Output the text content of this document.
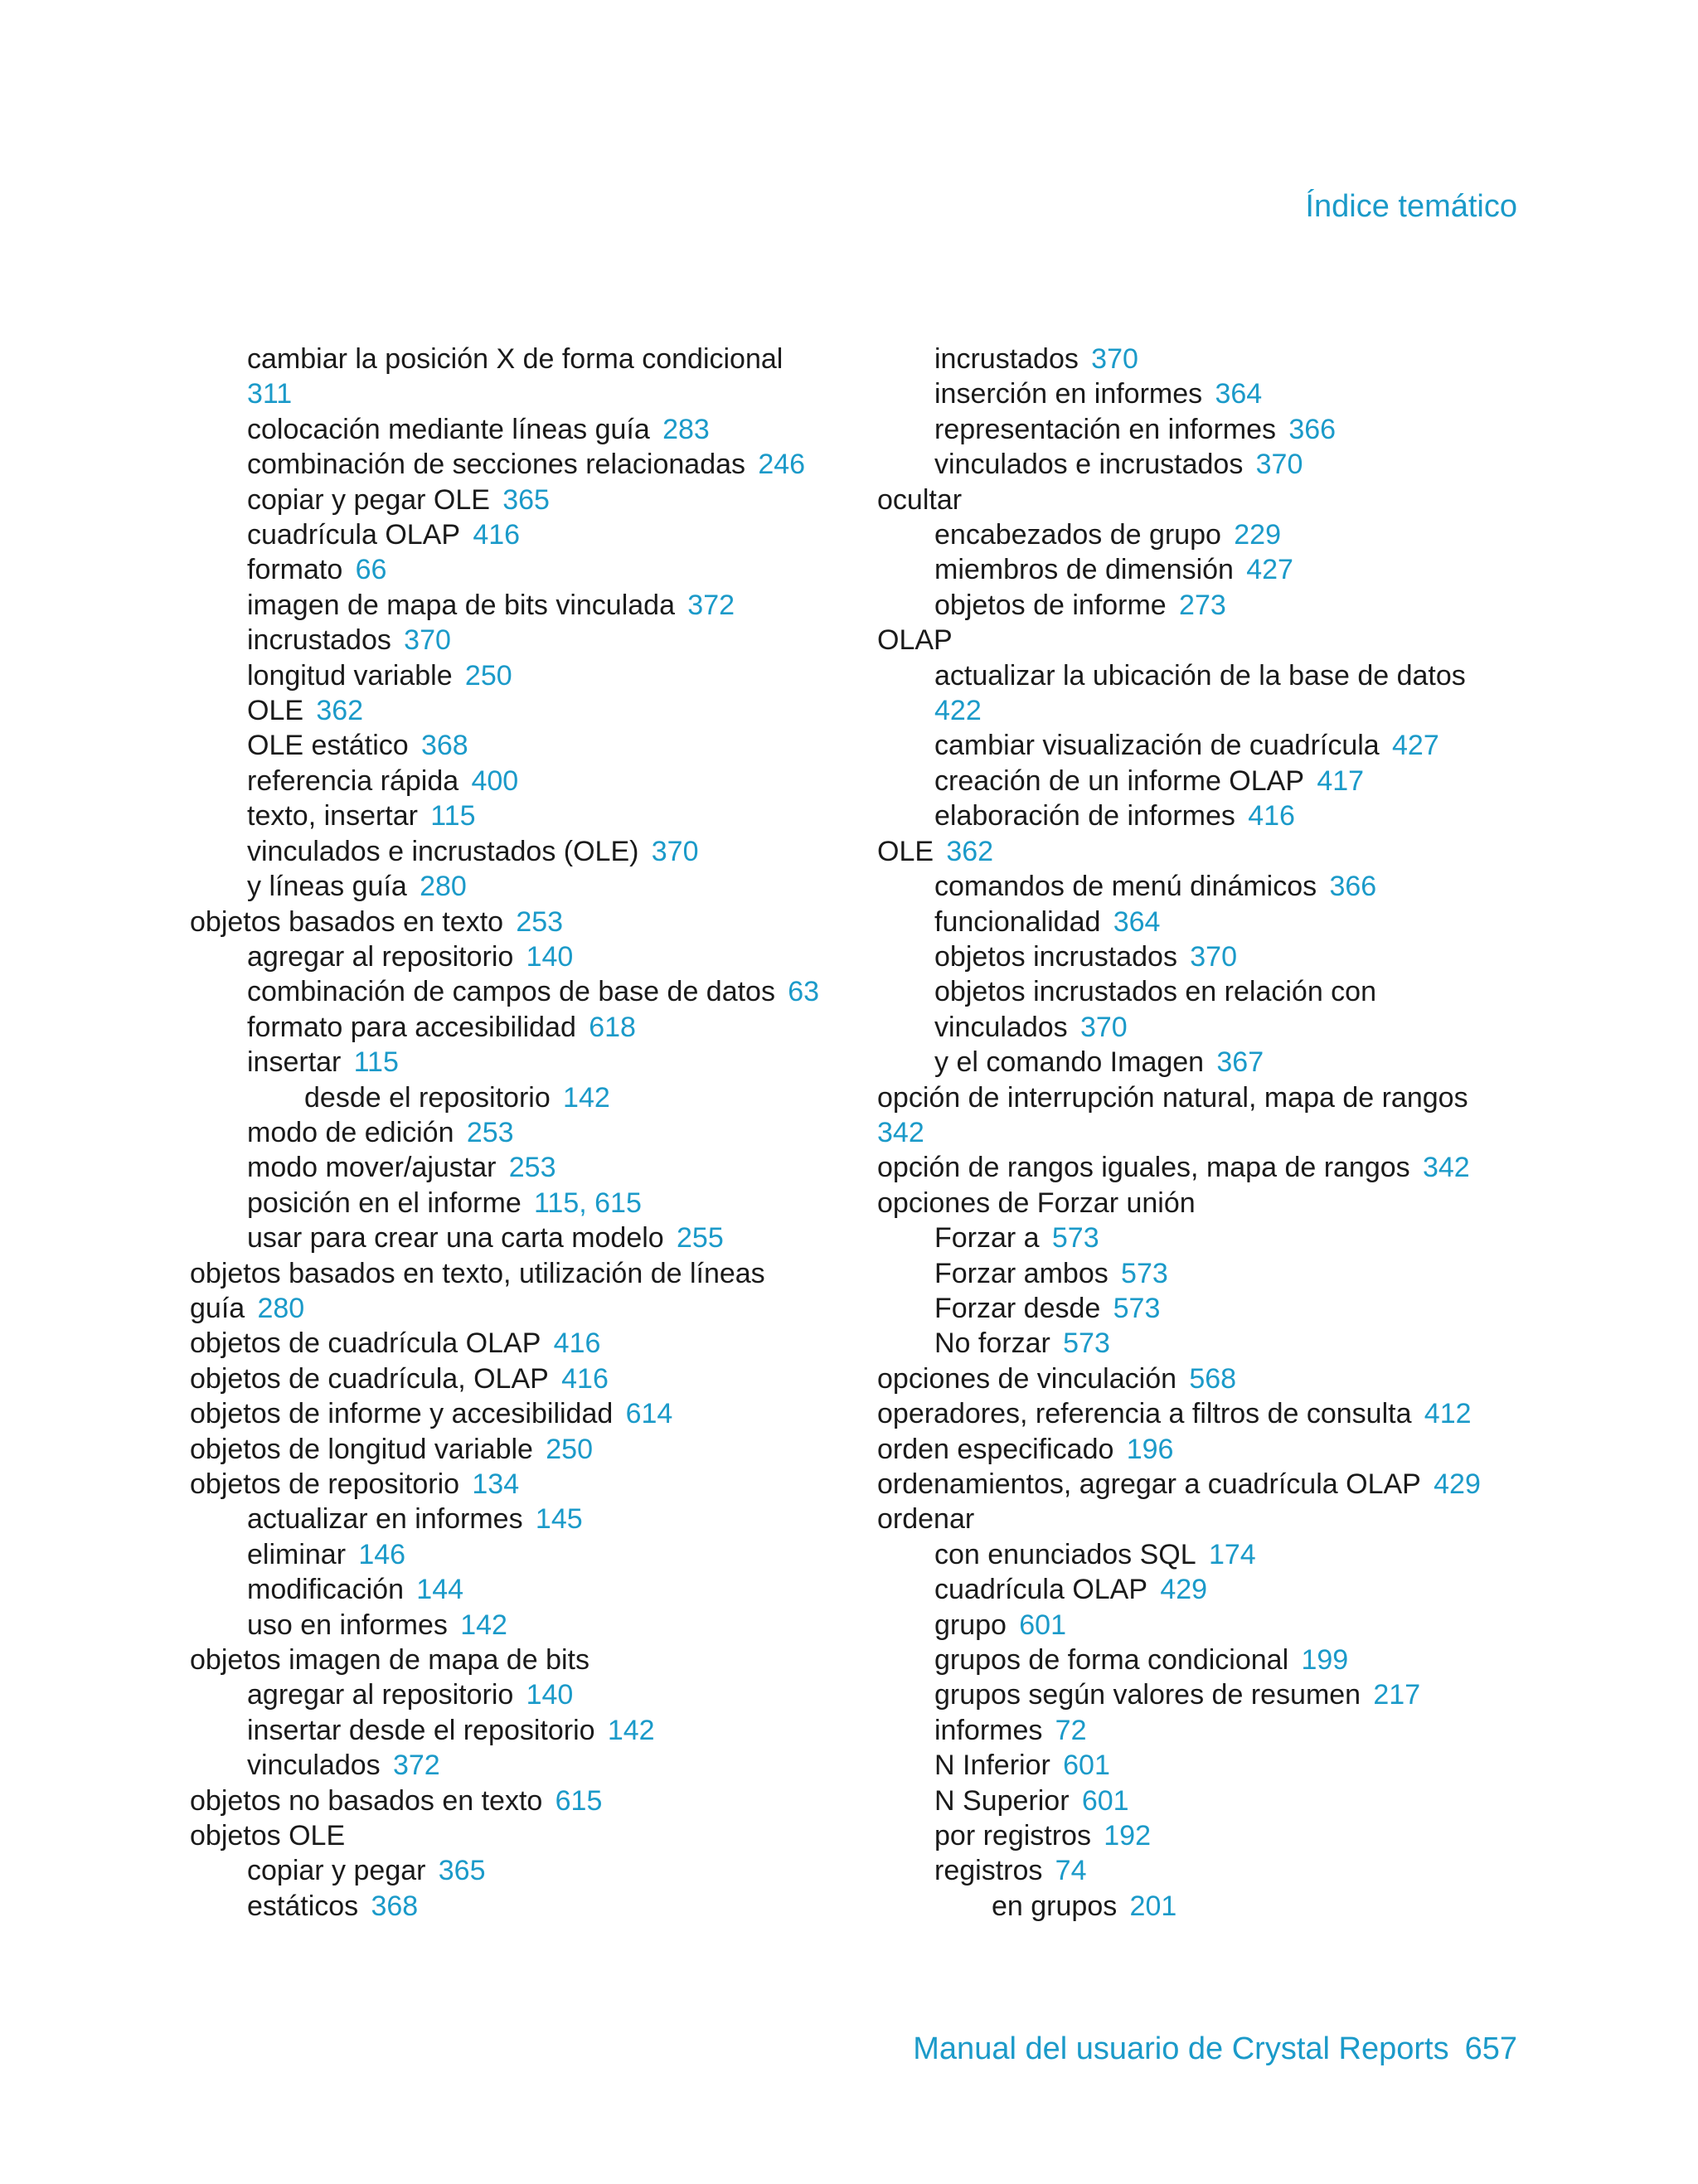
Índice temático
cambiar la posición X de forma condicional
311
colocación mediante líneas guía 283
combinación de secciones relacionadas 246
copiar y pegar OLE 365
cuadrícula OLAP 416
formato 66
imagen de mapa de bits vinculada 372
incrustados 370
longitud variable 250
OLE 362
OLE estático 368
referencia rápida 400
texto, insertar 115
vinculados e incrustados (OLE) 370
y líneas guía 280
objetos basados en texto 253
agregar al repositorio 140
combinación de campos de base de datos 63
formato para accesibilidad 618
insertar 115
desde el repositorio 142
modo de edición 253
modo mover/ajustar 253
posición en el informe 115, 615
usar para crear una carta modelo 255
objetos basados en texto, utilización de líneas
guía 280
objetos de cuadrícula OLAP 416
objetos de cuadrícula, OLAP 416
objetos de informe y accesibilidad 614
objetos de longitud variable 250
objetos de repositorio 134
actualizar en informes 145
eliminar 146
modificación 144
uso en informes 142
objetos imagen de mapa de bits
agregar al repositorio 140
insertar desde el repositorio 142
vinculados 372
objetos no basados en texto 615
objetos OLE
copiar y pegar 365
estáticos 368
incrustados 370
inserción en informes 364
representación en informes 366
vinculados e incrustados 370
ocultar
encabezados de grupo 229
miembros de dimensión 427
objetos de informe 273
OLAP
actualizar la ubicación de la base de datos
422
cambiar visualización de cuadrícula 427
creación de un informe OLAP 417
elaboración de informes 416
OLE 362
comandos de menú dinámicos 366
funcionalidad 364
objetos incrustados 370
objetos incrustados en relación con
vinculados 370
y el comando Imagen 367
opción de interrupción natural, mapa de rangos
342
opción de rangos iguales, mapa de rangos 342
opciones de Forzar unión
Forzar a 573
Forzar ambos 573
Forzar desde 573
No forzar 573
opciones de vinculación 568
operadores, referencia a filtros de consulta 412
orden especificado 196
ordenamientos, agregar a cuadrícula OLAP 429
ordenar
con enunciados SQL 174
cuadrícula OLAP 429
grupo 601
grupos de forma condicional 199
grupos según valores de resumen 217
informes 72
N Inferior 601
N Superior 601
por registros 192
registros 74
en grupos 201
Manual del usuario de Crystal Reports 657
